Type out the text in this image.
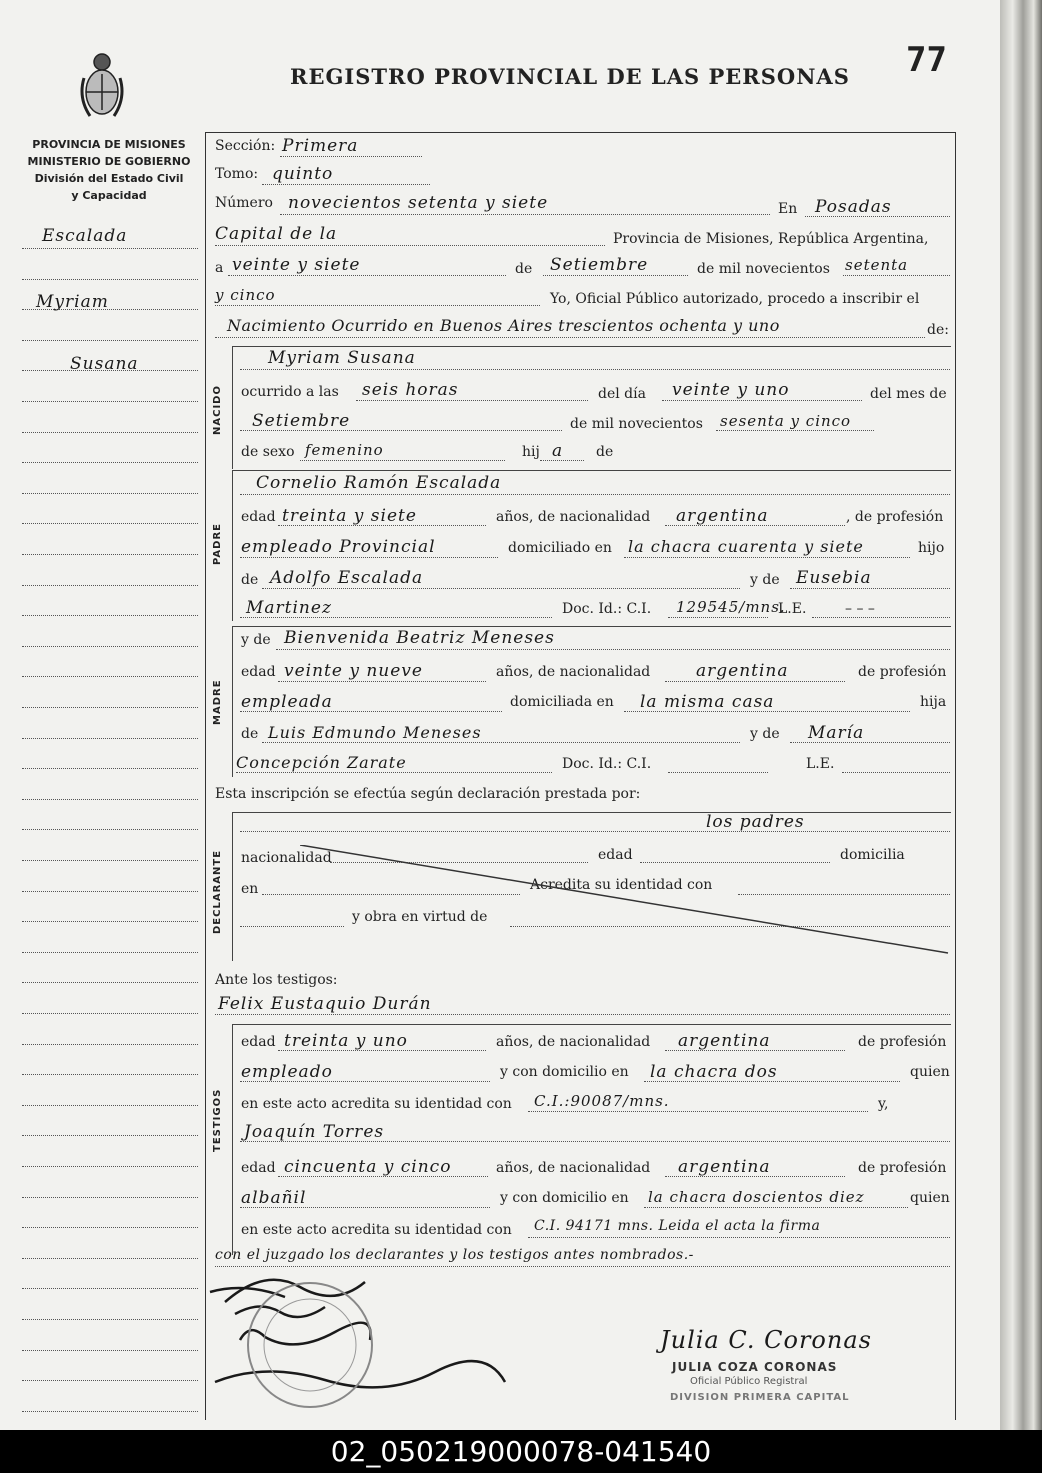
REGISTRO PROVINCIAL DE LAS PERSONAS 77
PROVINCIA DE MISIONES
MINISTERIO DE GOBIERNO
División del Estado Civil
y Capacidad
Escalada
Myriam
Susana
Sección: Primera
Tomo: quinto
Número novecientos setenta y siete	En Posadas
Capital de la	Provincia de Misiones, República Argentina,
a veinte y siete	de Setiembre	de mil novecientos setenta
y cinco	Yo, Oficial Público autorizado, procedo a inscribir el
Nacimiento Ocurrido en Buenos Aires trescientos ochenta y uno	de:
NACIDO
Myriam Susana
ocurrido a las seis horas	del día veinte y uno	del mes de
Setiembre	de mil novecientos sesenta y cinco
de sexo femenino	hij a de
PADRE
Cornelio Ramón Escalada
edad treinta y siete	años, de nacionalidad argentina	, de profesión
empleado Provincial	domiciliado en la chacra cuarenta y siete	hijo
de Adolfo Escalada	y de Eusebia
Martinez	Doc. Id.: C.I. 129545/mns.
L.E.	– – –
MADRE
y de Bienvenida Beatriz Meneses
edad veinte y nueve	años, de nacionalidad	argentina	de profesión
empleada	domiciliada en la misma casa	hija
de Luis Edmundo Meneses	y de María
Concepción Zarate	Doc. Id.: C.I.	L.E.
Esta inscripción se efectúa según declaración prestada por:
DECLARANTE
los padres
nacionalidad	edad	domicilia
en	Acredita su identidad con
y obra en virtud de
Ante los testigos:
TESTIGOS
Felix Eustaquio Durán
edad treinta y uno	años, de nacionalidad argentina	de profesión
empleado	y con domicilio en la chacra dos	quien
en este acto acredita su identidad con C.I.:90087/mns.	y,
Joaquín Torres
edad cincuenta y cinco	años, de nacionalidad argentina	de profesión
albañil	y con domicilio en la chacra doscientos diez	quien
en este acto acredita su identidad con C.I. 94171 mns. Leida el acta la firma
con el juzgado los declarantes y los testigos antes nombrados.-
Julia C. Coronas
JULIA COZA CORONAS
Oficial Público Registral
DIVISION PRIMERA CAPITAL
02_050219000078-041540
